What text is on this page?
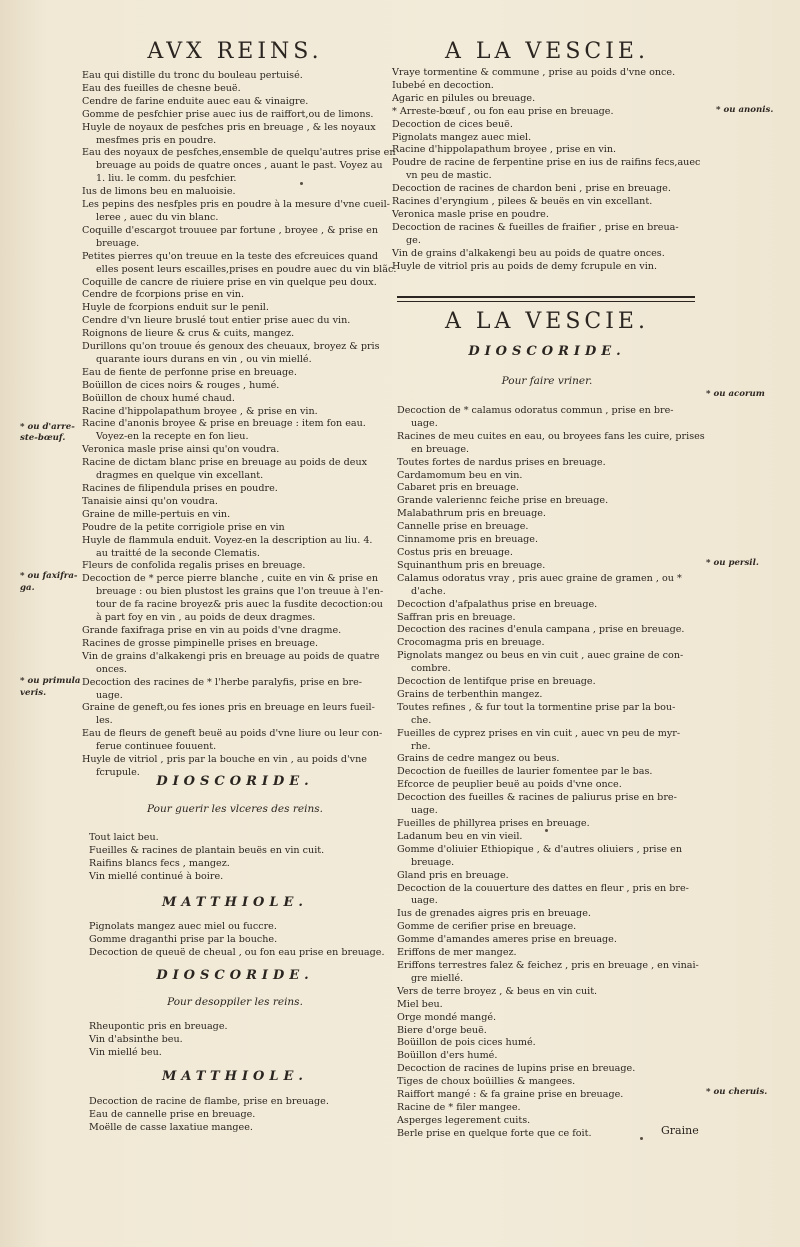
AVX REINS.
Eau qui distille du tronc du bouleau pertuisé.
Eau des fueilles de chesne beuë.
Cendre de farine enduite auec eau & vinaigre.
Gomme de pesfchier prise auec ius de raiffort,ou de limons.
Huyle de noyaux de pesfches pris en breuage , & les noyaux
mesfmes pris en poudre.
Eau des noyaux de pesfches,ensemble de quelqu'autres prise en
breuage au poids de quatre onces , auant le past. Voyez au
1. liu. le comm. du pesfchier.
Ius de limons beu en maluoisie.
Les pepins des nesfples pris en poudre à la mesure d'vne cueil-
leree , auec du vin blanc.
Coquille d'escargot trouuee par fortune , broyee , & prise en
breuage.
Petites pierres qu'on treuue en la teste des efcreuices quand
elles posent leurs escailles,prises en poudre auec du vin blãc.
Coquille de cancre de riuiere prise en vin quelque peu doux.
Cendre de fcorpions prise en vin.
Huyle de fcorpions enduit sur le penil.
Cendre d'vn lieure bruslé tout entier prise auec du vin.
Roignons de lieure & crus & cuits, mangez.
Durillons qu'on trouue és genoux des cheuaux, broyez & pris
quarante iours durans en vin , ou vin miellé.
Eau de fiente de perfonne prise en breuage.
Boüillon de cices noirs & rouges , humé.
Boüillon de choux humé chaud.
Racine d'hippolapathum broyee , & prise en vin.
Racine d'anonis broyee & prise en breuage : item fon eau.
Voyez-en la recepte en fon lieu.
Veronica masle prise ainsi qu'on voudra.
Racine de dictam blanc prise en breuage au poids de deux
dragmes en quelque vin excellant.
Racines de filipendula prises en poudre.
Tanaisie ainsi qu'on voudra.
Graine de mille-pertuis en vin.
Poudre de la petite corrigiole prise en vin
Huyle de flammula enduit. Voyez-en la description au liu. 4.
au traitté de la seconde Clematis.
Fleurs de confolida regalis prises en breuage.
Decoction de * perce pierre blanche , cuite en vin & prise en
breuage : ou bien plustost les grains que l'on treuue à l'en-
tour de fa racine broyez& pris auec la fusdite decoction:ou
à part foy en vin , au poids de deux dragmes.
Grande faxifraga prise en vin au poids d'vne dragme.
Racines de grosse pimpinelle prises en breuage.
Vin de grains d'alkakengi pris en breuage au poids de quatre
onces.
Decoction des racines de * l'herbe paralyfis, prise en bre-
uage.
Graine de geneft,ou fes iones pris en breuage en leurs fueil-
les.
Eau de fleurs de geneft beuë au poids d'vne liure ou leur con-
ferue continuee fouuent.
Huyle de vitriol , pris par la bouche en vin , au poids d'vne
fcrupule.
DIOSCORIDE.

Pour guerir les vlceres des reins.

Tout laict beu.
Fueilles & racines de plantain beuës en vin cuit.
Raifins blancs fecs , mangez.
Vin miellé continué à boire.
MATTHIOLE.
Pignolats mangez auec miel ou fuccre.
Gomme draganthi prise par la bouche.
Decoction de queuë de cheual , ou fon eau prise en breuage.
DIOSCORIDE.

Pour desoppiler les reins.

Rheupontic pris en breuage.
Vin d'absinthe beu.
Vin miellé beu.
MATTHIOLE.
Decoction de racine de flambe, prise en breuage.
Eau de cannelle prise en breuage.
Moëlle de casse laxatiue mangee.
A LA VESCIE.
Vraye tormentine & commune , prise au poids d'vne once.
Iubebé en decoction.
Agaric en pilules ou breuage.
* Arreste-bœuf , ou fon eau prise en breuage.
Decoction de cices beuë.
Pignolats mangez auec miel.
Racine d'hippolapathum broyee , prise en vin.
Poudre de racine de ferpentine prise en ius de raifins fecs,auec
vn peu de mastic.
Decoction de racines de chardon beni , prise en breuage.
Racines d'eryngium , pilees & beuës en vin excellant.
Veronica masle prise en poudre.
Decoction de racines & fueilles de fraifier , prise en breua-
ge.
Vin de grains d'alkakengi beu au poids de quatre onces.
Huyle de vitriol pris au poids de demy fcrupule en vin.
A LA VESCIE.
DIOSCORIDE.

Pour faire vriner.

Decoction de * calamus odoratus commun , prise en bre-
uage.
Racines de meu cuites en eau, ou broyees fans les cuire, prises
en breuage.
Toutes fortes de nardus prises en breuage.
Cardamomum beu en vin.
Cabaret pris en breuage.
Grande valeriennc feiche prise en breuage.
Malabathrum pris en breuage.
Cannelle prise en breuage.
Cinnamome pris en breuage.
Costus pris en breuage.
Squinanthum pris en breuage.
Calamus odoratus vray , pris auec graine de gramen , ou *
d'ache.
Decoction d'afpalathus prise en breuage.
Saffran pris en breuage.
Decoction des racines d'enula campana , prise en breuage.
Crocomagma pris en breuage.
Pignolats mangez ou beus en vin cuit , auec graine de con-
combre.
Decoction de lentifque prise en breuage.
Grains de terbenthin mangez.
Toutes refines , & fur tout la tormentine prise par la bou-
che.
Fueilles de cyprez prises en vin cuit , auec vn peu de myr-
rhe.
Grains de cedre mangez ou beus.
Decoction de fueilles de laurier fomentee par le bas.
Efcorce de peuplier beuë au poids d'vne once.
Decoction des fueilles & racines de paliurus prise en bre-
uage.
Fueilles de phillyrea prises en breuage.
Ladanum beu en vin vieil.
Gomme d'oliuier Ethiopique , & d'autres oliuiers , prise en
breuage.
Gland pris en breuage.
Decoction de la couuerture des dattes en fleur , pris en bre-
uage.
Ius de grenades aigres pris en breuage.
Gomme de cerifier prise en breuage.
Gomme d'amandes ameres prise en breuage.
Eriffons de mer mangez.
Eriffons terrestres falez & feichez , pris en breuage , en vinai-
gre miellé.
Vers de terre broyez , & beus en vin cuit.
Miel beu.
Orge mondé mangé.
Biere d'orge beuë.
Boüillon de pois cices humé.
Boüillon d'ers humé.
Decoction de racines de lupins prise en breuage.
Tiges de choux boüillies & mangees.
Raiffort mangé : & fa graine prise en breuage.
Racine de * filer mangee.
Asperges legerement cuits.
Berle prise en quelque forte que ce foit.
* ou anonis.
* ou acorum
* ou persil.
* ou cheruis.
* ou d'arre-
ste-bœuf.
* ou faxifra-
ga.
* ou primula
veris.
Graine
